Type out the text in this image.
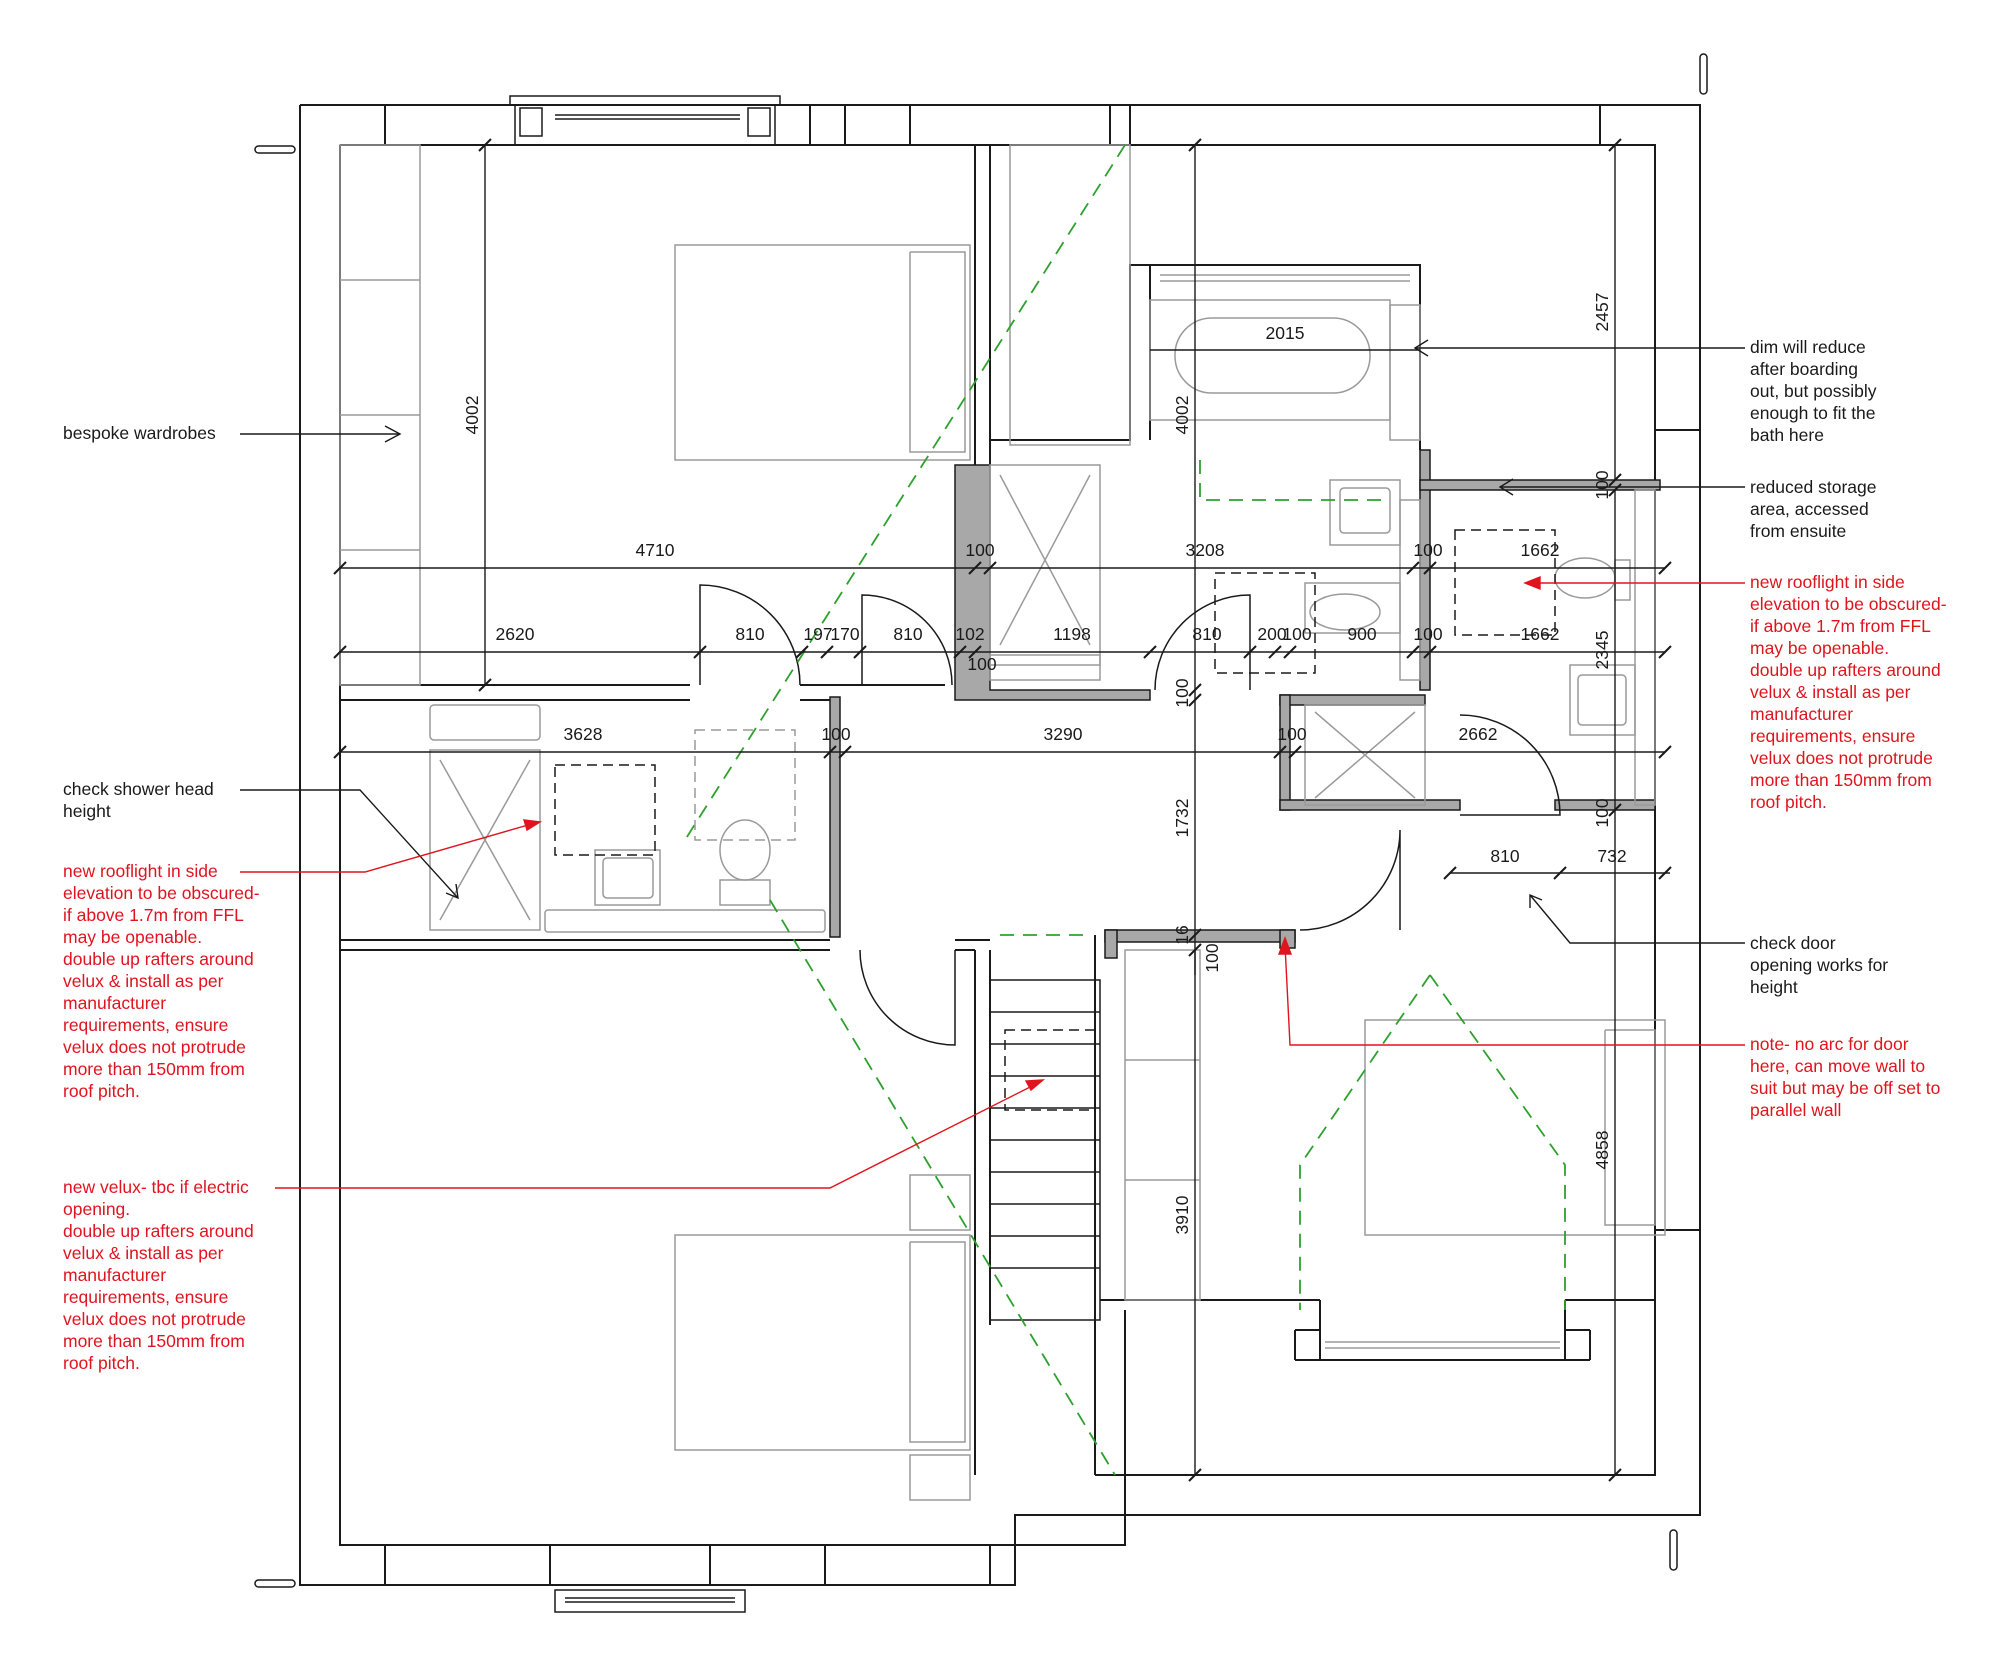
4710	100	3208	100	1662
2620	810 197
170 810 102
100
1198	810 200
100 900 100	1662
3628	100	3290	100	2662
810	732
2015
4002	4002
2457
100
2345
100
100
1732
16
100
3910
4858

bespoke wardrobes

check shower head
height

new rooflight in side
elevation to be obscured-
if above 1.7m from FFL
may be openable.
double up rafters around
velux & install as per
manufacturer
requirements, ensure
velux does not protrude
more than 150mm from
roof pitch.

new velux- tbc if electric
opening.
double up rafters around
velux & install as per
manufacturer
requirements, ensure
velux does not protrude
more than 150mm from
roof pitch.

dim will reduce
after boarding
out, but possibly
enough to fit the
bath here

reduced storage
area, accessed
from ensuite

new rooflight in side
elevation to be obscured-
if above 1.7m from FFL
may be openable.
double up rafters around
velux & install as per
manufacturer
requirements, ensure
velux does not protrude
more than 150mm from
roof pitch.

check door
opening works for
height

note- no arc for door
here, can move wall to
suit but may be off set to
parallel wall
